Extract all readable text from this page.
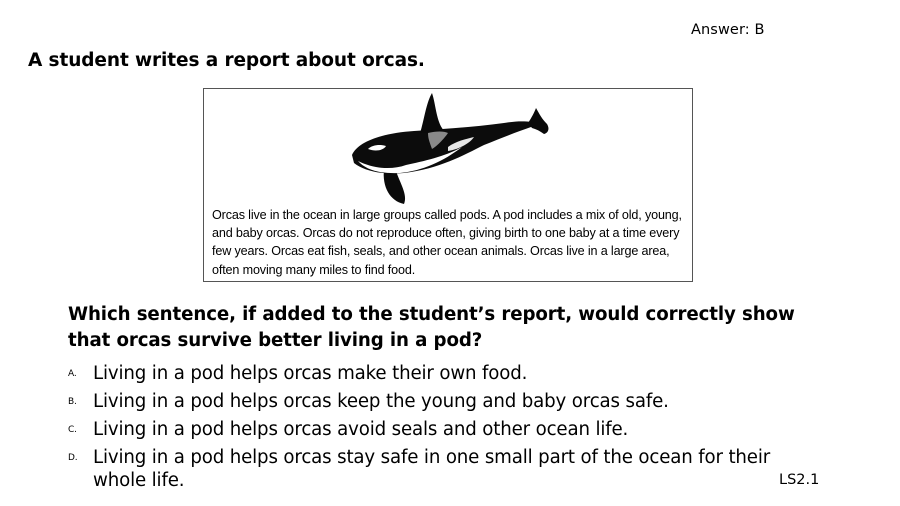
Answer: B
A student writes a report about orcas.

Orcas live in the ocean in large groups called pods. A pod includes a mix of old, young, and baby orcas. Orcas do not reproduce often, giving birth to one baby at a time every few years. Orcas eat fish, seals, and other ocean animals. Orcas live in a large area, often moving many miles to find food.

Which sentence, if added to the student’s report, would correctly show that orcas survive better living in a pod?

A. Living in a pod helps orcas make their own food.
B. Living in a pod helps orcas keep the young and baby orcas safe.
C. Living in a pod helps orcas avoid seals and other ocean life.
D. Living in a pod helps orcas stay safe in one small part of the ocean for their whole life.	LS2.1
